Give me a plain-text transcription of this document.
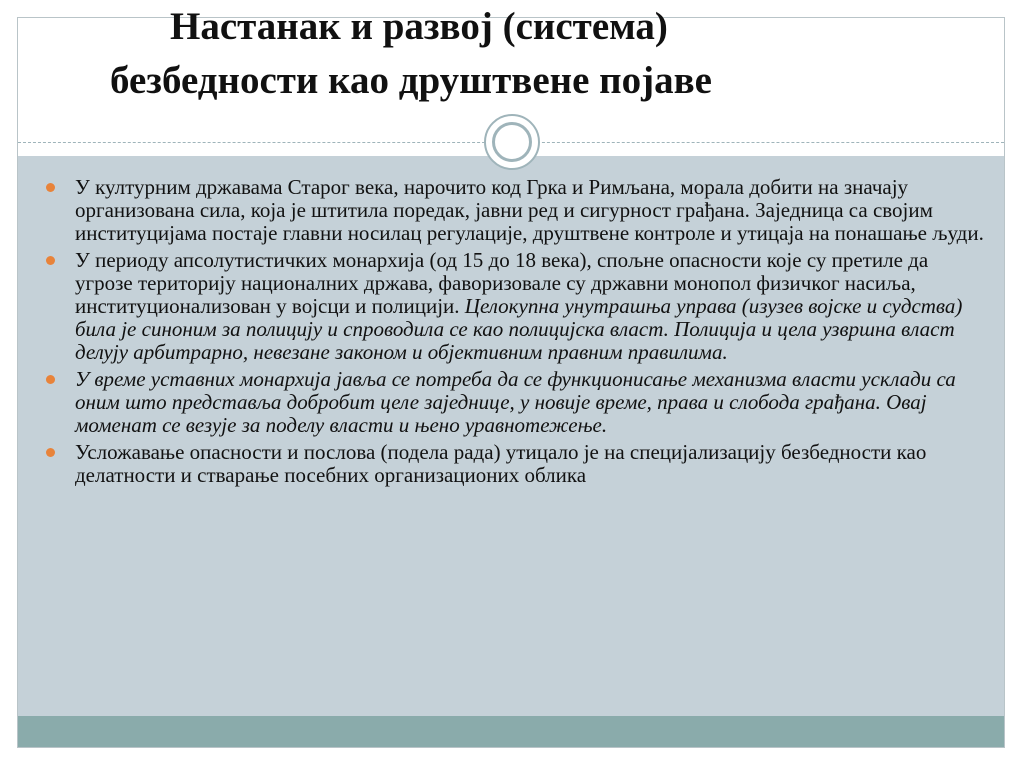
Настанак и развој (система)
безбедности као друштвене појаве
У културним државама Старог века, нарочито код Грка и Римљана, морала добити на значају организована сила, која је штитила поредак, јавни ред и сигурност грађана. Заједница са својим институцијама постаје главни носилац регулације, друштвене контроле и утицаја на понашање људи.
У периоду апсолутистичких монархија (од 15 до 18 века), спољне опасности које су претиле да угрозе територију националних држава, фаворизовале су државни монопол физичког насиља, институционализован у војсци и полицији. Целокупна унутрашња управа (изузев војске и судства) била је синоним за полицију и спроводила се као полицијска власт. Полиција и цела узвршна власт делују арбитрарно, невезане законом и објективним правним правилима.
У време уставних монархија јавља се потреба да се функционисање механизма власти усклади са оним што представља добробит целе заједнице, у новије време, права и слобода грађана. Овај моменат се везује за поделу власти и њено уравнотежење.
Усложавање опасности и послова (подела рада) утицало је на специјализацију безбедности као делатности и стварање посебних организационих облика
